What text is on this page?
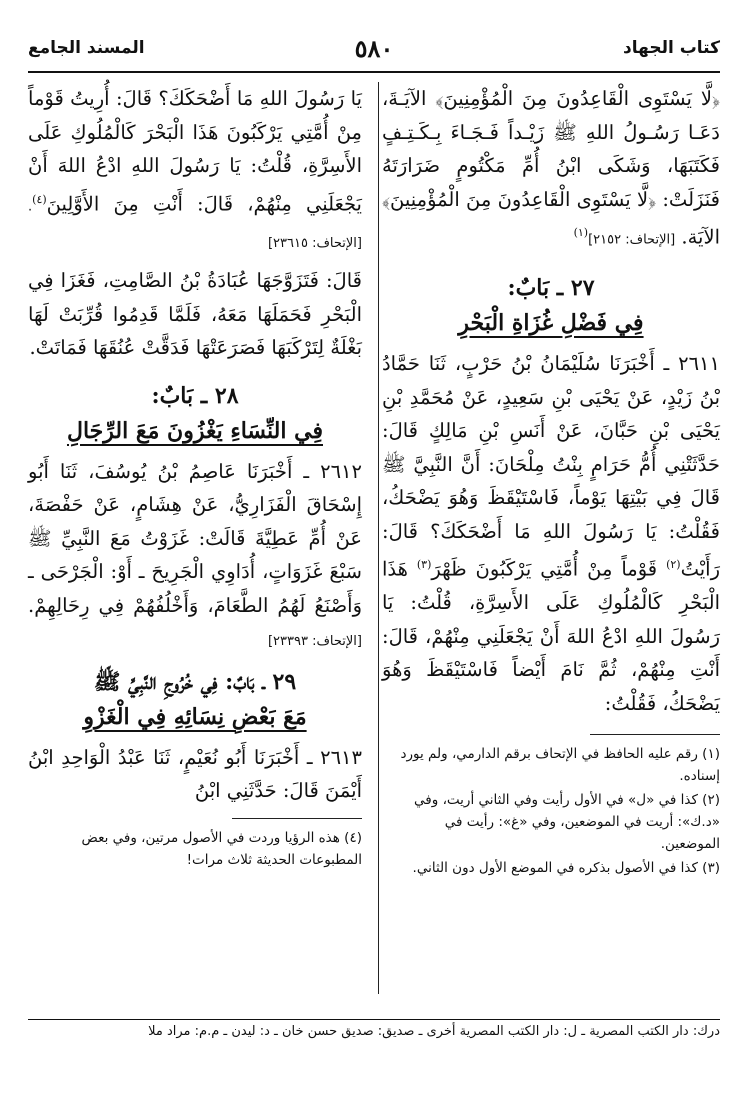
كتاب الجهاد
٥٨٠
المسند الجامع

﴿لَّا يَسْتَوِى الْقَاعِدُونَ مِنَ الْمُؤْمِنِينَ﴾ الآيَـةَ، دَعَـا رَسُـولُ اللهِ ﷺ زَيْـداً فَـجَـاءَ بِـكَـتِـفٍ فَكَتَبَهَا، وَشَكَى ابْنُ أُمِّ مَكْتُومٍ ضَرَارَتَهُ فَنَزَلَتْ: ﴿لَّا يَسْتَوِى الْقَاعِدُونَ مِنَ الْمُؤْمِنِينَ﴾ الآيَة. [الإتحاف: ٢١٥٢]$^{(١)}$

٢٧ ـ بَابٌ:
فِي فَضْلِ غُزَاةِ الْبَحْرِ

٢٦١١ ـ أَخْبَرَنَا سُلَيْمَانُ بْنُ حَرْبٍ، ثَنَا حَمَّادُ بْنُ زَيْدٍ، عَنْ يَحْيَى بْنِ سَعِيدٍ، عَنْ مُحَمَّدِ بْنِ يَحْيَى بْنِ حَبَّانَ، عَنْ أَنَسِ بْنِ مَالِكٍ قَالَ: حَدَّثَتْنِي أُمُّ حَرَامٍ بِنْتُ مِلْحَانَ: أَنَّ النَّبِيَّ ﷺ قَالَ فِي بَيْتِهَا يَوْماً، فَاسْتَيْقَظَ وَهُوَ يَضْحَكُ، فَقُلْتُ: يَا رَسُولَ اللهِ مَا أَضْحَكَكَ؟ قَالَ: رَأَيْتُ$^{(٢)}$ قَوْماً مِنْ أُمَّتِي يَرْكَبُونَ ظَهْرَ$^{(٣)}$ هَذَا الْبَحْرِ كَالْمُلُوكِ عَلَى الأَسِرَّةِ، قُلْتُ: يَا رَسُولَ اللهِ ادْعُ اللهَ أَنْ يَجْعَلَنِي مِنْهُمْ، قَالَ: أَنْتِ مِنْهُمْ، ثُمَّ نَامَ أَيْضاً فَاسْتَيْقَظَ وَهُوَ يَضْحَكُ، فَقُلْتُ:

(١) رقم عليه الحافظ في الإتحاف برقم الدارمي، ولم يورد إسناده.

(٢) كذا في «ل» في الأول رأيت وفي الثاني أريت، وفي «د.ك»: أريت في الموضعين، وفي «غ»: رأيت في الموضعين.

(٣) كذا في الأصول بذكره في الموضع الأول دون الثاني.

يَا رَسُولَ اللهِ مَا أَضْحَكَكَ؟ قَالَ: أُرِيتُ قَوْماً مِنْ أُمَّتِي يَرْكَبُونَ هَذَا الْبَحْرَ كَالْمُلُوكِ عَلَى الأَسِرَّةِ، قُلْتُ: يَا رَسُولَ اللهِ ادْعُ اللهَ أَنْ يَجْعَلَنِي مِنْهُمْ، قَالَ: أَنْتِ مِنَ الأَوَّلِينَ$^{(٤)}$. [الإتحاف: ٢٣٦١٥]

قَالَ: فَتَزَوَّجَهَا عُبَادَةُ بْنُ الصَّامِتِ، فَغَزَا فِي الْبَحْرِ فَحَمَلَهَا مَعَهُ، فَلَمَّا قَدِمُوا قُرِّبَتْ لَهَا بَغْلَةٌ لِتَرْكَبَهَا فَصَرَعَتْهَا فَدَقَّتْ عُنُقَهَا فَمَاتَتْ.

٢٨ ـ بَابٌ:
فِي النِّسَاءِ يَغْزُونَ مَعَ الرِّجَالِ

٢٦١٢ ـ أَخْبَرَنَا عَاصِمُ بْنُ يُوسُفَ، ثَنَا أَبُو إِسْحَاقَ الْفَزَارِيُّ، عَنْ هِشَامٍ، عَنْ حَفْصَةَ، عَنْ أُمِّ عَطِيَّةَ قَالَتْ: غَزَوْتُ مَعَ النَّبِيِّ ﷺ سَبْعَ غَزَوَاتٍ، أُدَاوِي الْجَرِيحَ ـ أَوْ: الْجَرْحَى ـ وَأَصْنَعُ لَهُمُ الطَّعَامَ، وَأَخْلُفُهُمْ فِي رِحَالِهِمْ. [الإتحاف: ٢٣٣٩٣]

٢٩ ـ بَابٌ: فِي خُرُوجِ النَّبِيِّ ﷺ
مَعَ بَعْضِ نِسَائِهِ فِي الْغَزْوِ

٢٦١٣ ـ أَخْبَرَنَا أَبُو نُعَيْمٍ، ثَنَا عَبْدُ الْوَاحِدِ ابْنُ أَيْمَنَ قَالَ: حَدَّثَنِي ابْنُ

(٤) هذه الرؤيا وردت في الأصول مرتين، وفي بعض المطبوعات الحديثة ثلاث مرات!

درك: دار الكتب المصرية ـ ل: دار الكتب المصرية أخرى ـ صديق: صديق حسن خان ـ د: ليدن ـ م.م: مراد ملا
